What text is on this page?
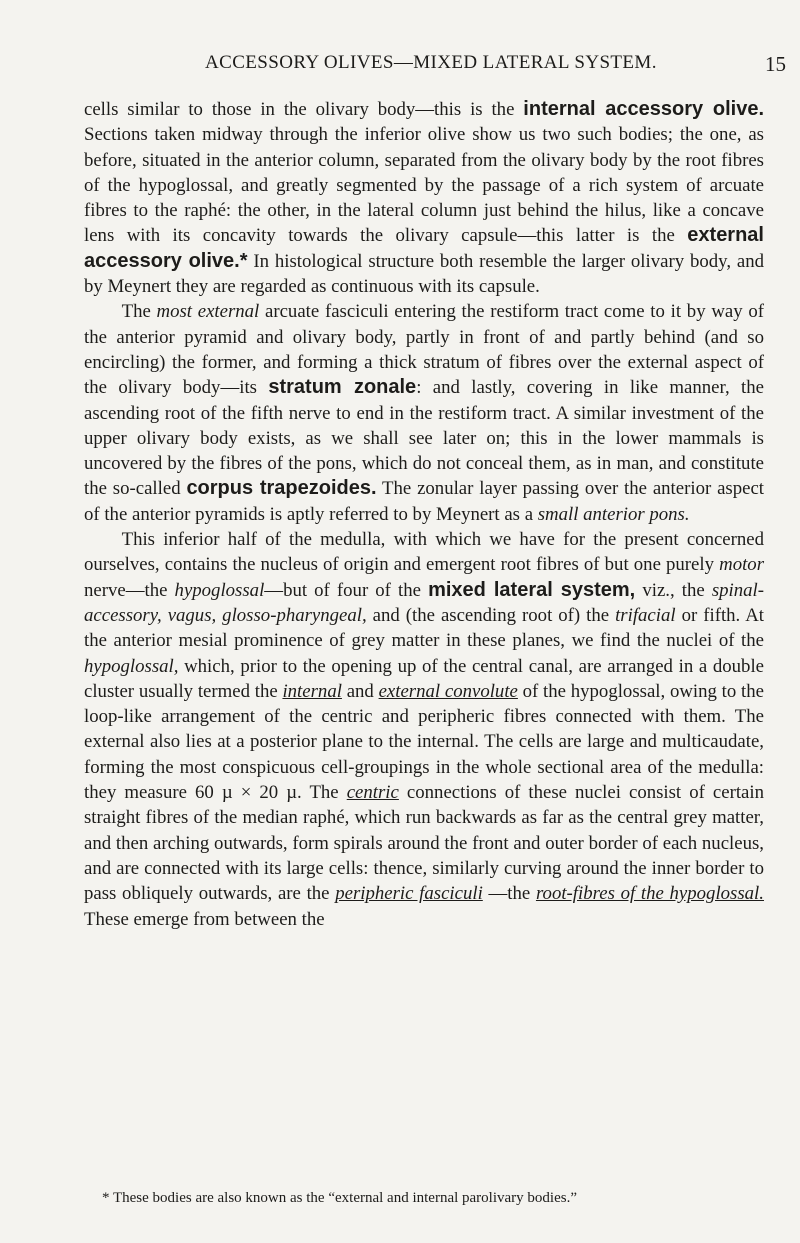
ACCESSORY OLIVES—MIXED LATERAL SYSTEM.	15

cells similar to those in the olivary body—this is the internal accessory olive. Sections taken midway through the inferior olive show us two such bodies; the one, as before, situated in the anterior column, separated from the olivary body by the root fibres of the hypoglossal, and greatly segmented by the passage of a rich system of arcuate fibres to the raphé: the other, in the lateral column just behind the hilus, like a concave lens with its concavity towards the olivary capsule—this latter is the external accessory olive.* In histological structure both resemble the larger olivary body, and by Meynert they are regarded as continuous with its capsule.

The most external arcuate fasciculi entering the restiform tract come to it by way of the anterior pyramid and olivary body, partly in front of and partly behind (and so encircling) the former, and forming a thick stratum of fibres over the external aspect of the olivary body—its stratum zonale: and lastly, covering in like manner, the ascending root of the fifth nerve to end in the restiform tract. A similar investment of the upper olivary body exists, as we shall see later on; this in the lower mammals is uncovered by the fibres of the pons, which do not conceal them, as in man, and constitute the so-called corpus trapezoides. The zonular layer passing over the anterior aspect of the anterior pyramids is aptly referred to by Meynert as a small anterior pons.

This inferior half of the medulla, with which we have for the present concerned ourselves, contains the nucleus of origin and emergent root fibres of but one purely motor nerve—the hypoglossal—but of four of the mixed lateral system, viz., the spinal-accessory, vagus, glosso-pharyngeal, and (the ascending root of) the trifacial or fifth. At the anterior mesial prominence of grey matter in these planes, we find the nuclei of the hypoglossal, which, prior to the opening up of the central canal, are arranged in a double cluster usually termed the internal and external convolute of the hypoglossal, owing to the loop-like arrangement of the centric and peripheric fibres connected with them. The external also lies at a posterior plane to the internal. The cells are large and multicaudate, forming the most conspicuous cell-groupings in the whole sectional area of the medulla: they measure 60 µ × 20 µ. The centric connections of these nuclei consist of certain straight fibres of the median raphé, which run backwards as far as the central grey matter, and then arching outwards, form spirals around the front and outer border of each nucleus, and are connected with its large cells: thence, similarly curving around the inner border to pass obliquely outwards, are the peripheric fasciculi —the root-fibres of the hypoglossal. These emerge from between the

* These bodies are also known as the “external and internal parolivary bodies.”
